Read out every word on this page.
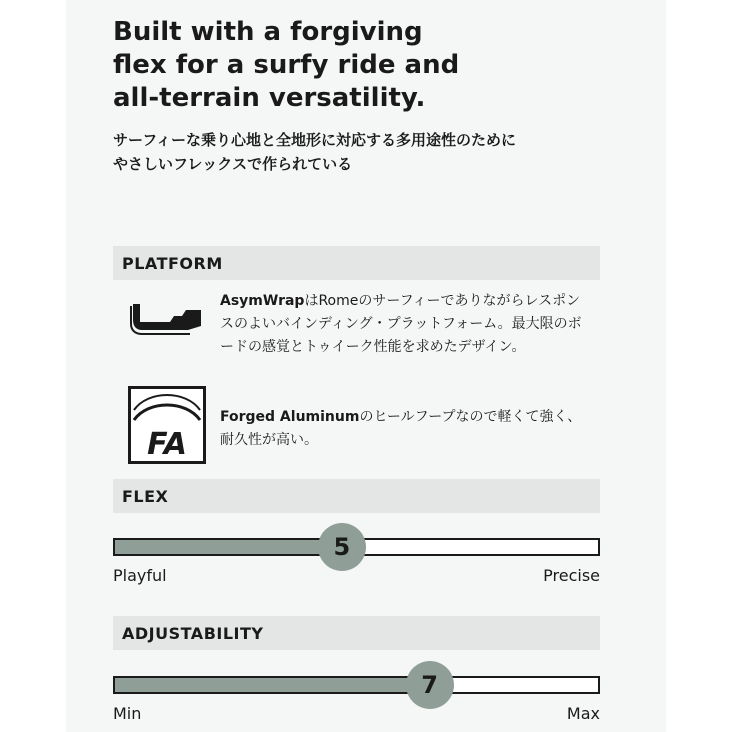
Built with a forgiving
flex for a surfy ride and
all-terrain versatility.
サーフィーな乗り心地と全地形に対応する多用途性のために
やさしいフレックスで作られている
PLATFORM
AsymWrapはRomeのサーフィーでありながらレスポンスのよいバインディング・プラットフォーム。最大限のボードの感覚とトゥイーク性能を求めたデザイン。
FA
Forged Aluminumのヒールフープなので軽くて強く、耐久性が高い。
FLEX
5
Playful	Precise
ADJUSTABILITY
7
Min	Max
